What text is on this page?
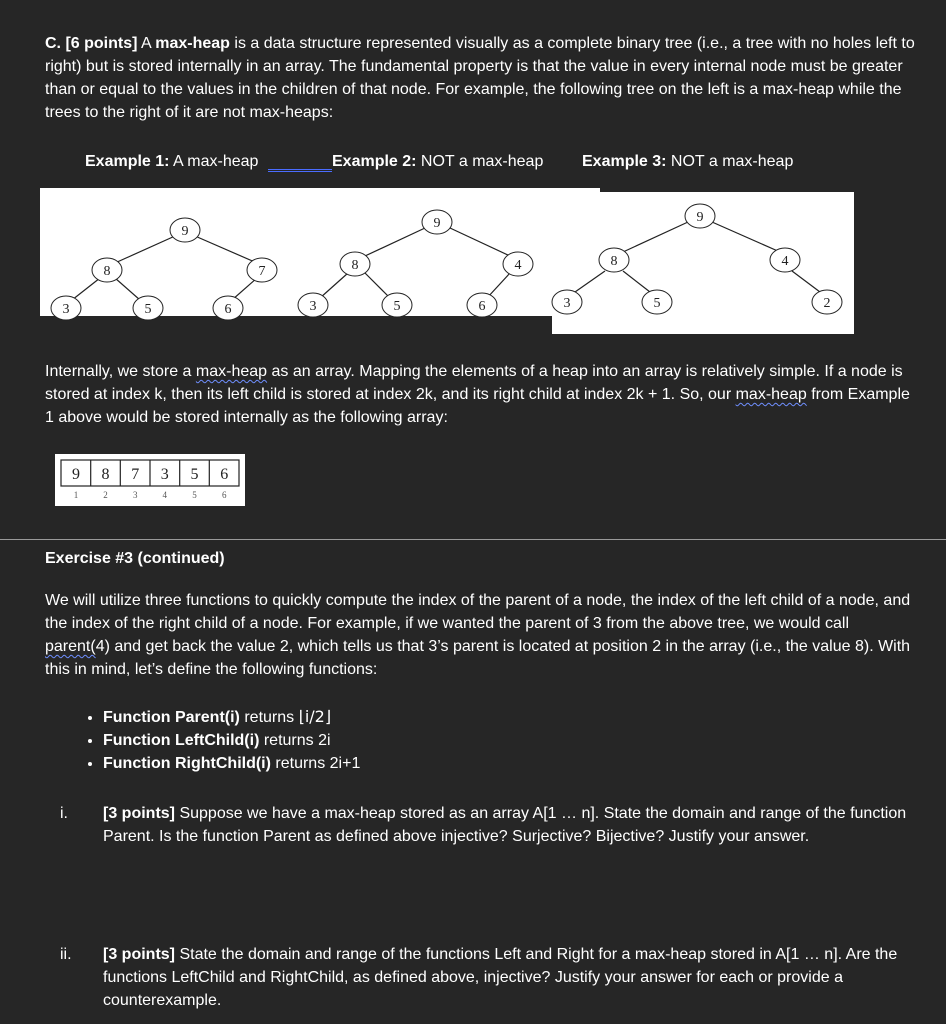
C. [6 points] A max-heap is a data structure represented visually as a complete binary tree (i.e., a tree with no holes left to right) but is stored internally in an array. The fundamental property is that the value in every internal node must be greater than or equal to the values in the children of that node. For example, the following tree on the left is a max-heap while the trees to the right of it are not max-heaps:

Example 1: A max-heap	Example 2: NOT a max-heap Example 3: NOT a max-heap
9
8	7
3	5	6
9
8	4
3	5	6
9
8	4
3	5	2

Internally, we store a max-heap as an array. Mapping the elements of a heap into an array is relatively simple. If a node is stored at index k, then its left child is stored at index 2k, and its right child at index 2k + 1. So, our max-heap from Example 1 above would be stored internally as the following array:

9 8 7 3 5 6
1	2	3	4	5	6

Exercise #3 (continued)

We will utilize three functions to quickly compute the index of the parent of a node, the index of the left child of a node, and the index of the right child of a node. For example, if we wanted the parent of 3 from the above tree, we would call parent(4) and get back the value 2, which tells us that 3’s parent is located at position 2 in the array (i.e., the value 8). With this in mind, let’s define the following functions:

• Function Parent(i) returns ⌊i/2⌋
• Function LeftChild(i) returns 2i
• Function RightChild(i) returns 2i+1
i. [3 points] Suppose we have a max-heap stored as an array A[1 … n]. State the domain and range of the function Parent. Is the function Parent as defined above injective? Surjective? Bijective? Justify your answer.

ii. [3 points] State the domain and range of the functions Left and Right for a max-heap stored in A[1 … n]. Are the functions LeftChild and RightChild, as defined above, injective? Justify your answer for each or provide a counterexample.
